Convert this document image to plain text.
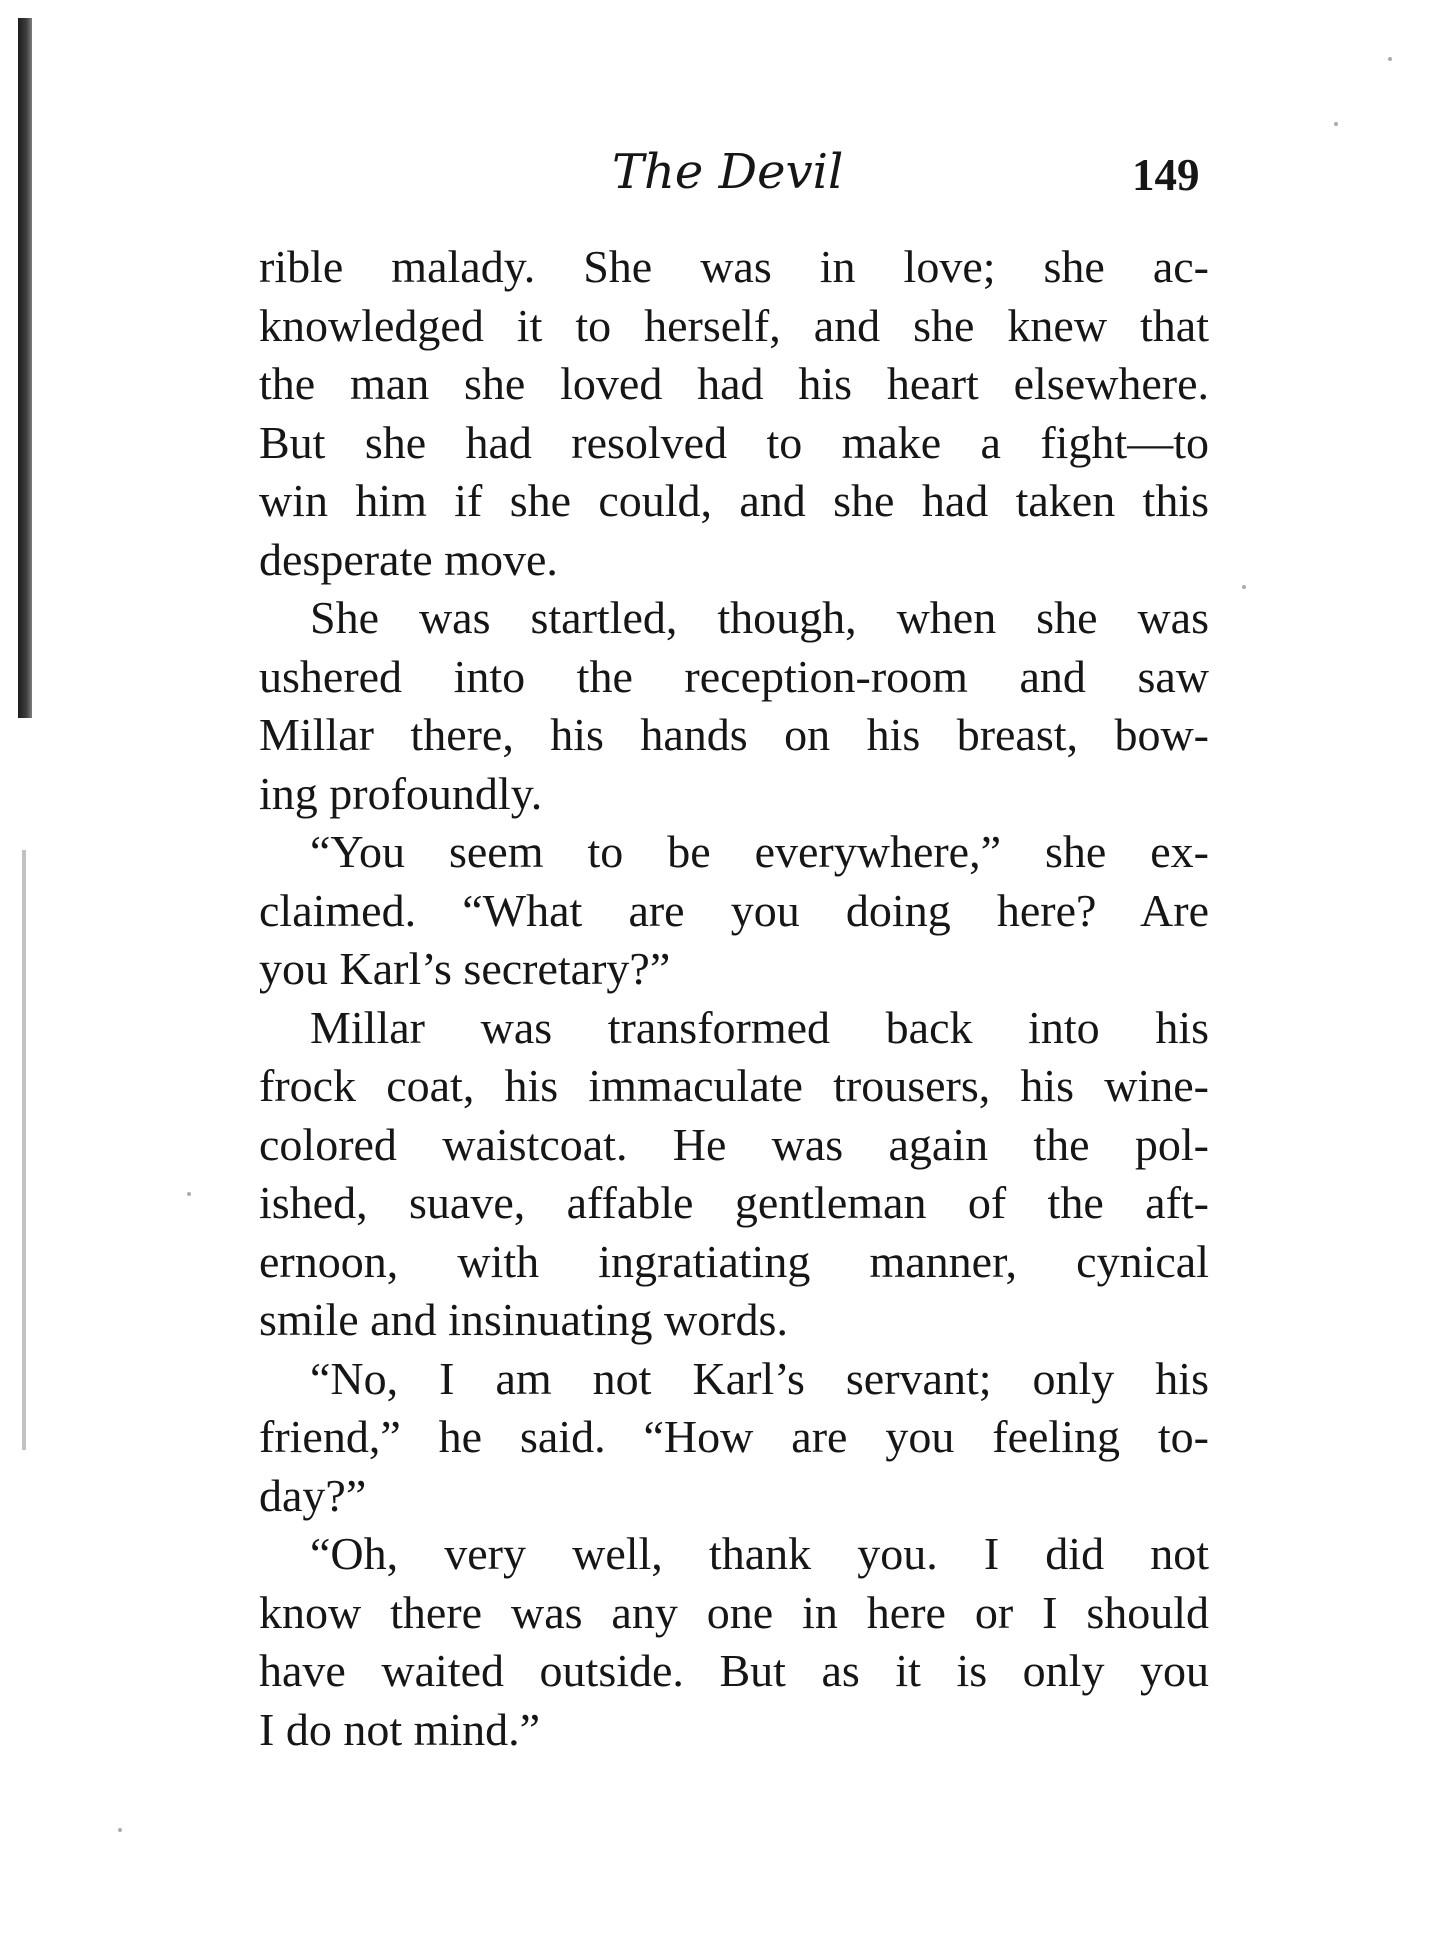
The Devil	149
rible malady. She was in love; she ac-
knowledged it to herself, and she knew that
the man she loved had his heart elsewhere.
But she had resolved to make a fight—to
win him if she could, and she had taken this
desperate move.
She was startled, though, when she was
ushered into the reception-room and saw
Millar there, his hands on his breast, bow-
ing profoundly.
“You seem to be everywhere,” she ex-
claimed. “What are you doing here? Are
you Karl’s secretary?”
Millar was transformed back into his
frock coat, his immaculate trousers, his wine-
colored waistcoat. He was again the pol-
ished, suave, affable gentleman of the aft-
ernoon, with ingratiating manner, cynical
smile and insinuating words.
“No, I am not Karl’s servant; only his
friend,” he said. “How are you feeling to-
day?”
“Oh, very well, thank you. I did not
know there was any one in here or I should
have waited outside. But as it is only you
I do not mind.”
